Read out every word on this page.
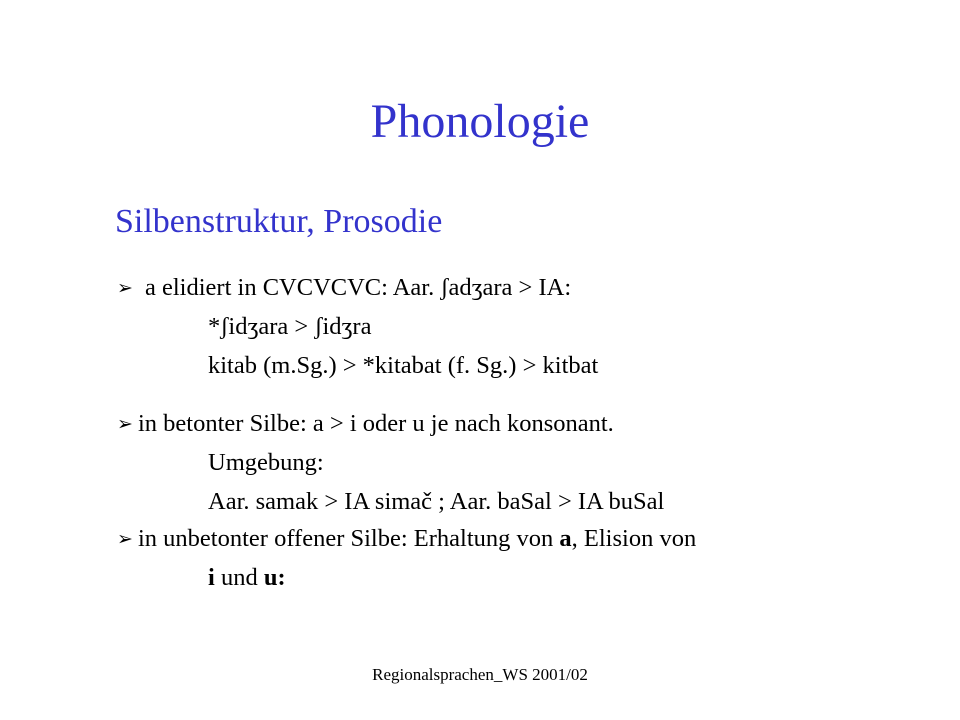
Phonologie
Silbenstruktur, Prosodie
➢ a elidiert in CVCVCVC: Aar. ʃadʒara > IA:
*ʃidʒara > ʃidʒra
kitab (m.Sg.) > *kitabat (f. Sg.) > kitbat
➢ in betonter Silbe: a > i oder u je nach konsonant.
Umgebung:
Aar. samak > IA simač ; Aar. baSal > IA buSal
➢ in unbetonter offener Silbe: Erhaltung von a, Elision von
i und u:
Regionalsprachen_WS 2001/02
